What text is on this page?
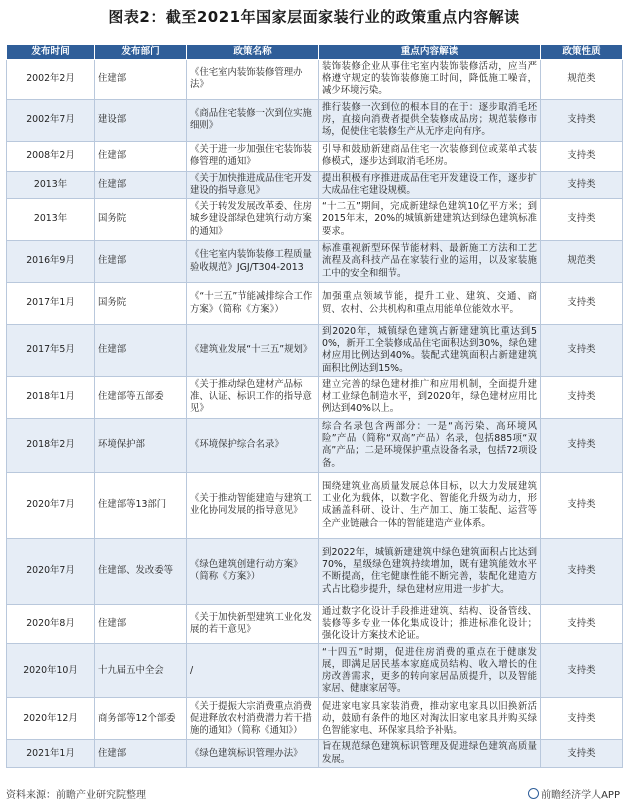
图表2：截至2021年国家层面家装行业的政策重点内容解读
发布时间	发布部门	政策名称	重点内容解读	政策性质
2002年2月	住建部	《住宅室内装饰装修管理办法》	装饰装修企业从事住宅室内装饰装修活动，应当严格遵守规定的装饰装修施工时间，降低施工噪音，减少环境污染。	规范类
2002年7月	建设部	《商品住宅装修一次到位实施细则》	推行装修一次到位的根本目的在于：逐步取消毛坯房，直接向消费者提供全装修成品房；规范装修市场，促使住宅装修生产从无序走向有序。	支持类
2008年2月	住建部	《关于进一步加强住宅装饰装修管理的通知》	引导和鼓励新建商品住宅一次装修到位或菜单式装修模式，逐步达到取消毛坯房。	支持类
2013年	住建部	《关于加快推进成品住宅开发建设的指导意见》	提出积极有序推进成品住宅开发建设工作，逐步扩大成品住宅建设规模。	支持类
2013年	国务院	《关于转发发展改革委、住房城乡建设部绿色建筑行动方案的通知》	“十二五”期间，完成新建绿色建筑10亿平方米；到2015年末，20%的城镇新建建筑达到绿色建筑标准要求。	支持类
2016年9月	住建部	《住宅室内装饰装修工程质量验收规范》JGJ/T304-2013	标准重视新型环保节能材料、最新施工方法和工艺流程及高科技产品在家装行业的运用，以及家装施工中的安全和细节。	规范类
2017年1月	国务院	《“十三五”节能减排综合工作方案》（简称《方案》）	加强重点领域节能，提升工业、建筑、交通、商贸、农村、公共机构和重点用能单位能效水平。	支持类
2017年5月	住建部	《建筑业发展“十三五”规划》	到2020年，城镇绿色建筑占新建建筑比重达到50%，新开工全装修成品住宅面积达到30%，绿色建材应用比例达到40%。装配式建筑面积占新建建筑面积比例达到15%。	支持类
2018年1月	住建部等五部委	《关于推动绿色建材产品标准、认证、标识工作的指导意见》	建立完善的绿色建材推广和应用机制，全面提升建材工业绿色制造水平，到2020年，绿色建材应用比例达到40%以上。	支持类
2018年2月	环境保护部	《环境保护综合名录》	综合名录包含两部分：一是“高污染、高环境风险”产品（简称“双高”产品）名录，包括885项“双高”产品；二是环境保护重点设备名录，包括72项设备。	支持类
2020年7月	住建部等13部门	《关于推动智能建造与建筑工业化协同发展的指导意见》	围绕建筑业高质量发展总体目标，以大力发展建筑工业化为载体，以数字化、智能化升级为动力，形成涵盖科研、设计、生产加工、施工装配、运营等全产业链融合一体的智能建造产业体系。	支持类
2020年7月	住建部、发改委等	《绿色建筑创建行动方案》（简称《方案》）	到2022年，城镇新建建筑中绿色建筑面积占比达到70%，星级绿色建筑持续增加，既有建筑能效水平不断提高，住宅健康性能不断完善，装配化建造方式占比稳步提升，绿色建材应用进一步扩大。	支持类
2020年8月	住建部	《关于加快新型建筑工业化发展的若干意见》	通过数字化设计手段推进建筑、结构、设备管线、装修等多专业一体化集成设计；推进标准化设计；强化设计方案技术论证。	支持类
2020年10月	十九届五中全会	/	“十四五”时期，促进住房消费的重点在于健康发展，即满足居民基本家庭成员结构、收入增长的住房改善需求，更多的转向家居品质提升，以及智能家居、健康家居等。	支持类
2020年12月	商务部等12个部委	《关于提振大宗消费重点消费促进释放农村消费潜力若干措施的通知》（简称《通知》）	促进家电家具家装消费，推动家电家具以旧换新活动，鼓励有条件的地区对淘汰旧家电家具并购买绿色智能家电、环保家具给予补贴。	支持类
2021年1月	住建部	《绿色建筑标识管理办法》	旨在规范绿色建筑标识管理及促进绿色建筑高质量发展。	支持类
资料来源：前瞻产业研究院整理	前瞻经济学人APP
